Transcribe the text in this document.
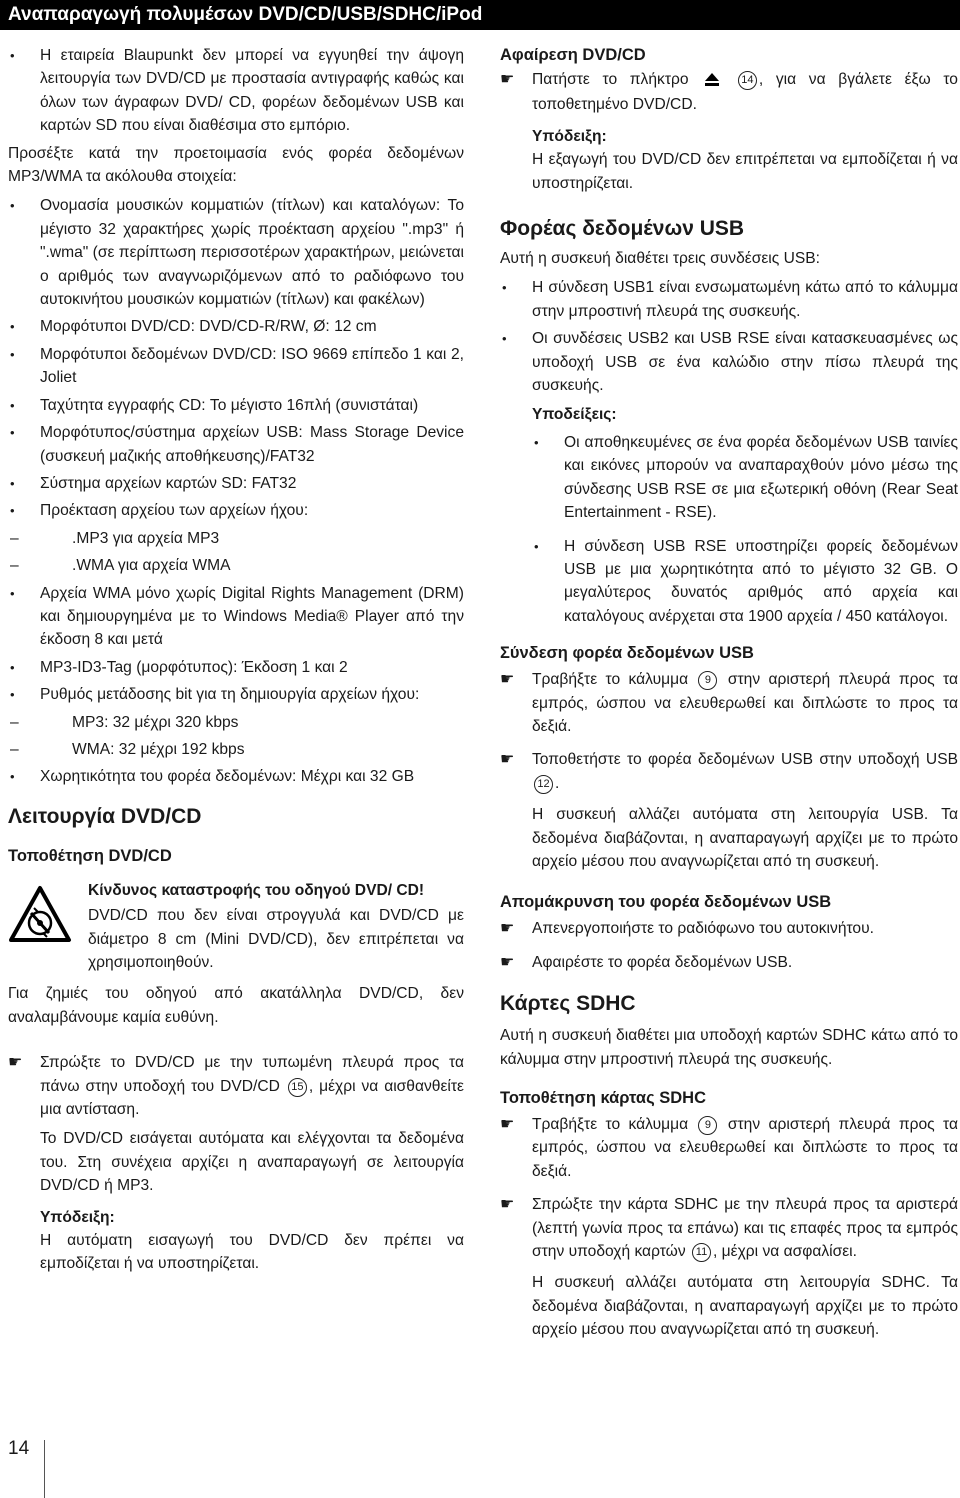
Αναπαραγωγή πολυμέσων DVD/CD/USB/SDHC/iPod
• Η εταιρεία Blaupunkt δεν μπορεί να εγγυηθεί την άψογη λειτουργία των DVD/CD με προστασία αντιγραφής καθώς και όλων των άγραφων DVD/ CD, φορέων δεδομένων USB και καρτών SD που είναι διαθέσιμα στο εμπόριο.

Προσέξτε κατά την προετοιμασία ενός φορέα δεδομένων MP3/WMA τα ακόλουθα στοιχεία:

• Ονομασία μουσικών κομματιών (τίτλων) και καταλόγων: Το μέγιστο 32 χαρακτήρες χωρίς προέκταση αρχείου ".mp3" ή ".wma" (σε περίπτωση περισσοτέρων χαρακτήρων, μειώνεται ο αριθμός των αναγνωριζόμενων από το ραδιόφωνο του αυτοκινήτου μουσικών κομματιών (τίτλων) και φακέλων)
• Μορφότυποι DVD/CD: DVD/CD-R/RW, Ø: 12 cm
• Μορφότυποι δεδομένων DVD/CD: ISO 9669 επίπεδο 1 και 2, Joliet
• Ταχύτητα εγγραφής CD: Το μέγιστο 16πλή (συνιστάται)
• Μορφότυπος/σύστημα αρχείων USB: Mass Storage Device (συσκευή μαζικής αποθήκευσης)/FAT32
• Σύστημα αρχείων καρτών SD: FAT32
• Προέκταση αρχείου των αρχείων ήχου:
– .MP3 για αρχεία MP3
– .WMA για αρχεία WMA
• Αρχεία WMA μόνο χωρίς Digital Rights Management (DRM) και δημιουργημένα με το Windows Media® Player από την έκδοση 8 και μετά
• MP3-ID3-Tag (μορφότυπος): Έκδοση 1 και 2
• Ρυθμός μετάδοσης bit για τη δημιουργία αρχείων ήχου:
– MP3: 32 μέχρι 320 kbps
– WMA: 32 μέχρι 192 kbps
• Χωρητικότητα του φορέα δεδομένων: Μέχρι και 32 GB

Λειτουργία DVD/CD

Τοποθέτηση DVD/CD

Κίνδυνος καταστροφής του οδηγού DVD/ CD!

DVD/CD που δεν είναι στρογγυλά και DVD/CD με διάμετρο 8 cm (Mini DVD/CD), δεν επιτρέπεται να χρησιμοποιηθούν.

Για ζημιές του οδηγού από ακατάλληλα DVD/CD, δεν αναλαμβάνουμε καμία ευθύνη.

☛ Σπρώξτε το DVD/CD με την τυπωμένη πλευρά προς τα πάνω στην υποδοχή του DVD/CD 15 , μέχρι να αισθανθείτε μια αντίσταση.

Το DVD/CD εισάγεται αυτόματα και ελέγχονται τα δεδομένα του. Στη συνέχεια αρχίζει η αναπαραγωγή σε λειτουργία DVD/CD ή MP3.

Υπόδειξη:

Η αυτόματη εισαγωγή του DVD/CD δεν πρέπει να εμποδίζεται ή να υποστηρίζεται.

Αφαίρεση DVD/CD

☛ Πατήστε το πλήκτρο	14 , για να βγάλετε έξω το τοποθετημένο DVD/CD.

Υπόδειξη:

Η εξαγωγή του DVD/CD δεν επιτρέπεται να εμποδίζεται ή να υποστηρίζεται.

Φορέας δεδομένων USB

Αυτή η συσκευή διαθέτει τρεις συνδέσεις USB:

• Η σύνδεση USB1 είναι ενσωματωμένη κάτω από το κάλυμμα στην μπροστινή πλευρά της συσκευής.
• Οι συνδέσεις USB2 και USB RSE είναι κατασκευασμένες ως υποδοχή USB σε ένα καλώδιο στην πίσω πλευρά της συσκευής.

Υποδείξεις:

• Οι αποθηκευμένες σε ένα φορέα δεδομένων USB ταινίες και εικόνες μπορούν να αναπαραχθούν μόνο μέσω της σύνδεσης USB RSE σε μια εξωτερική οθόνη (Rear Seat Entertainment - RSE).
• Η σύνδεση USB RSE υποστηρίζει φορείς δεδομένων USB με μια χωρητικότητα από το μέγιστο 32 GB. Ο μεγαλύτερος δυνατός αριθμός από αρχεία και καταλόγους ανέρχεται στα 1900 αρχεία / 450 κατάλογοι.

Σύνδεση φορέα δεδομένων USB

☛ Τραβήξτε το κάλυμμα 9 στην αριστερή πλευρά προς τα εμπρός, ώσπου να ελευθερωθεί και διπλώστε το προς τα δεξιά.
☛ Τοποθετήστε το φορέα δεδομένων USB στην υποδοχή USB 12 .

Η συσκευή αλλάζει αυτόματα στη λειτουργία USB. Τα δεδομένα διαβάζονται, η αναπαραγωγή αρχίζει με το πρώτο αρχείο μέσου που αναγνωρίζεται από τη συσκευή.

Απομάκρυνση του φορέα δεδομένων USB

☛ Απενεργοποιήστε το ραδιόφωνο του αυτοκινήτου.
☛ Αφαιρέστε το φορέα δεδομένων USB.

Κάρτες SDHC

Αυτή η συσκευή διαθέτει μια υποδοχή καρτών SDHC κάτω από το κάλυμμα στην μπροστινή πλευρά της συσκευής.

Τοποθέτηση κάρτας SDHC

☛ Τραβήξτε το κάλυμμα 9 στην αριστερή πλευρά προς τα εμπρός, ώσπου να ελευθερωθεί και διπλώστε το προς τα δεξιά.
☛ Σπρώξτε την κάρτα SDHC με την πλευρά προς τα αριστερά (λεπτή γωνία προς τα επάνω) και τις επαφές προς τα εμπρός στην υποδοχή καρτών 11 , μέχρι να ασφαλίσει.

Η συσκευή αλλάζει αυτόματα στη λειτουργία SDHC. Τα δεδομένα διαβάζονται, η αναπαραγωγή αρχίζει με το πρώτο αρχείο μέσου που αναγνωρίζεται από τη συσκευή.

14
